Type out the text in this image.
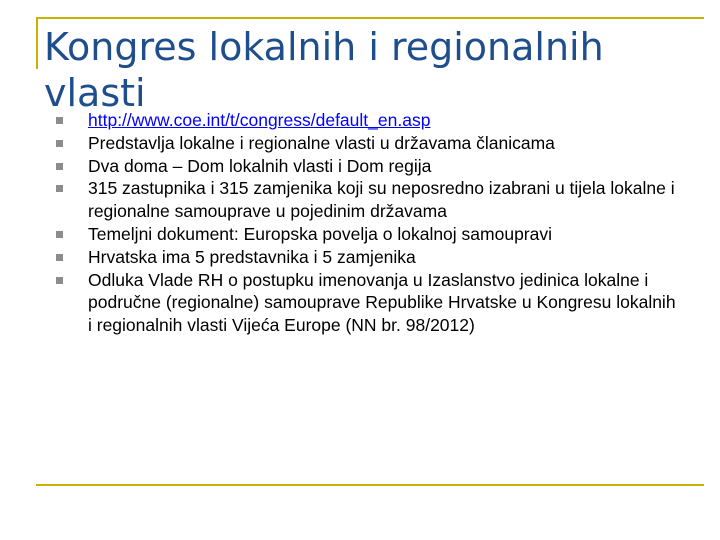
Kongres lokalnih i regionalnih vlasti
http://www.coe.int/t/congress/default_en.asp
Predstavlja lokalne i regionalne vlasti u državama članicama
Dva doma – Dom lokalnih vlasti i Dom regija
315 zastupnika i 315 zamjenika koji su neposredno izabrani u tijela lokalne i regionalne samouprave u pojedinim državama
Temeljni dokument: Europska povelja o lokalnoj samoupravi
Hrvatska ima 5 predstavnika i 5 zamjenika
Odluka Vlade RH o postupku imenovanja u Izaslanstvo jedinica lokalne i područne (regionalne) samouprave Republike Hrvatske u Kongresu lokalnih i regionalnih vlasti Vijeća Europe (NN br. 98/2012)
